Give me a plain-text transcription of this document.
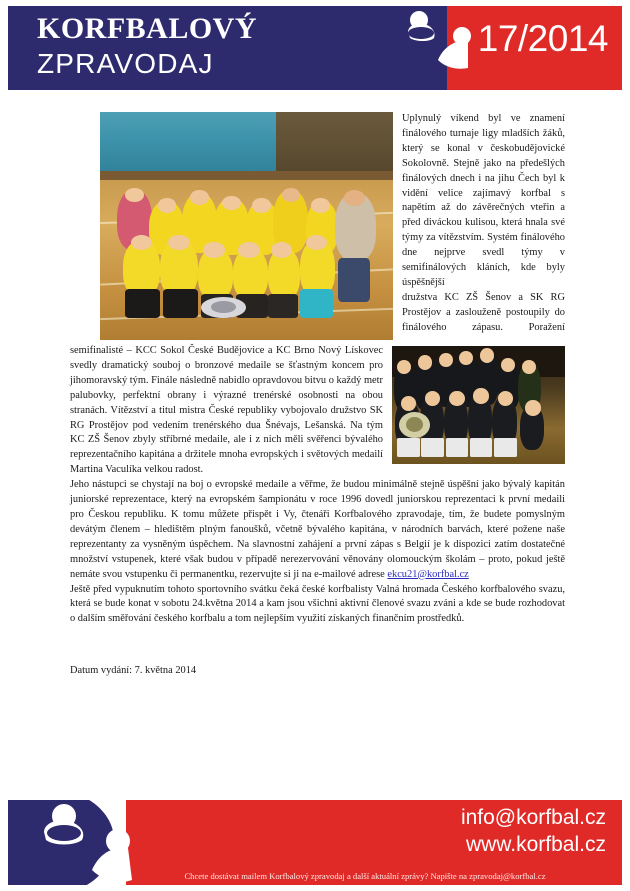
KORFBALOVÝ
ZPRAVODAJ
17/2014

Uplynulý víkend byl ve znamení finálového turnaje ligy mladších žáků, který se konal v českobudějovické Sokolovně. Stejně jako na předešlých finálových dnech i na jihu Čech byl k vidění velice zajímavý korfbal s napětím až do závěrečných vteřin a před diváckou kulisou, která hnala své týmy za vítězstvím. Systém finálového dne nejprve svedl týmy v semifinálových kláních, kde byly úspěšnější

družstva KC ZŠ Šenov a SK RG Prostějov a zaslouženě postoupily do finálového zápasu. Poražení semifinalisté – KCC Sokol České Budějovice a KC Brno Nový Lískovec svedly dramatický souboj o bronzové medaile se šťastným koncem pro jihomoravský tým. Finále následně nabidlo opravdovou bitvu o každý metr palubovky, perfektní obrany i výrazné trenérské osobnosti na obou stranách. Vítězství a titul mistra České republiky vybojovalo družstvo SK RG Prostějov pod vedením trenérského dua Šnévajs, Lešanská. Na tým KC ZŠ Šenov zbyly stříbrné medaile, ale i z nich měli svěřenci bývalého reprezentačního kapitána a držitele mnoha evropských i světových medailí Martina Vaculíka velkou radost.

Jeho nástupci se chystají na boj o evropské medaile a věřme, že budou minimálně stejně úspěšní jako bývalý kapitán juniorské reprezentace, který na evropském šampionátu v roce 1996 dovedl juniorskou reprezentaci k první medaili pro Českou republiku. K tomu můžete přispět i Vy, čtenáři Korfbalového zpravodaje, tím, že budete pomyslným devátým členem – hledištěm plným fanoušků, včetně bývalého kapitána, v národních barvách, které požene naše reprezentanty za vysněným úspěchem. Na slavnostní zahájení a první zápas s Belgií je k dispozici zatím dostatečné množství vstupenek, které však budou v případě nerezervování věnovány olomouckým školám – proto, pokud ještě nemáte svou vstupenku či permanentku, rezervujte si ji na e-mailové adrese ekcu21@korfbal.cz

Ještě před vypuknutím tohoto sportovního svátku čeká české korfbalisty Valná hromada Českého korfbalového svazu, která se bude konat v sobotu 24.května 2014 a kam jsou všichni aktivní členové svazu zváni a kde se bude rozhodovat o dalším směřování českého korfbalu a tom nejlepším využití získaných finančním prostředků.

Datum vydání: 7. května 2014
info@korfbal.cz
www.korfbal.cz
Chcete dostávat mailem Korfbalový zpravodaj a další aktuální zprávy? Napište na zpravodaj@korfbal.cz
